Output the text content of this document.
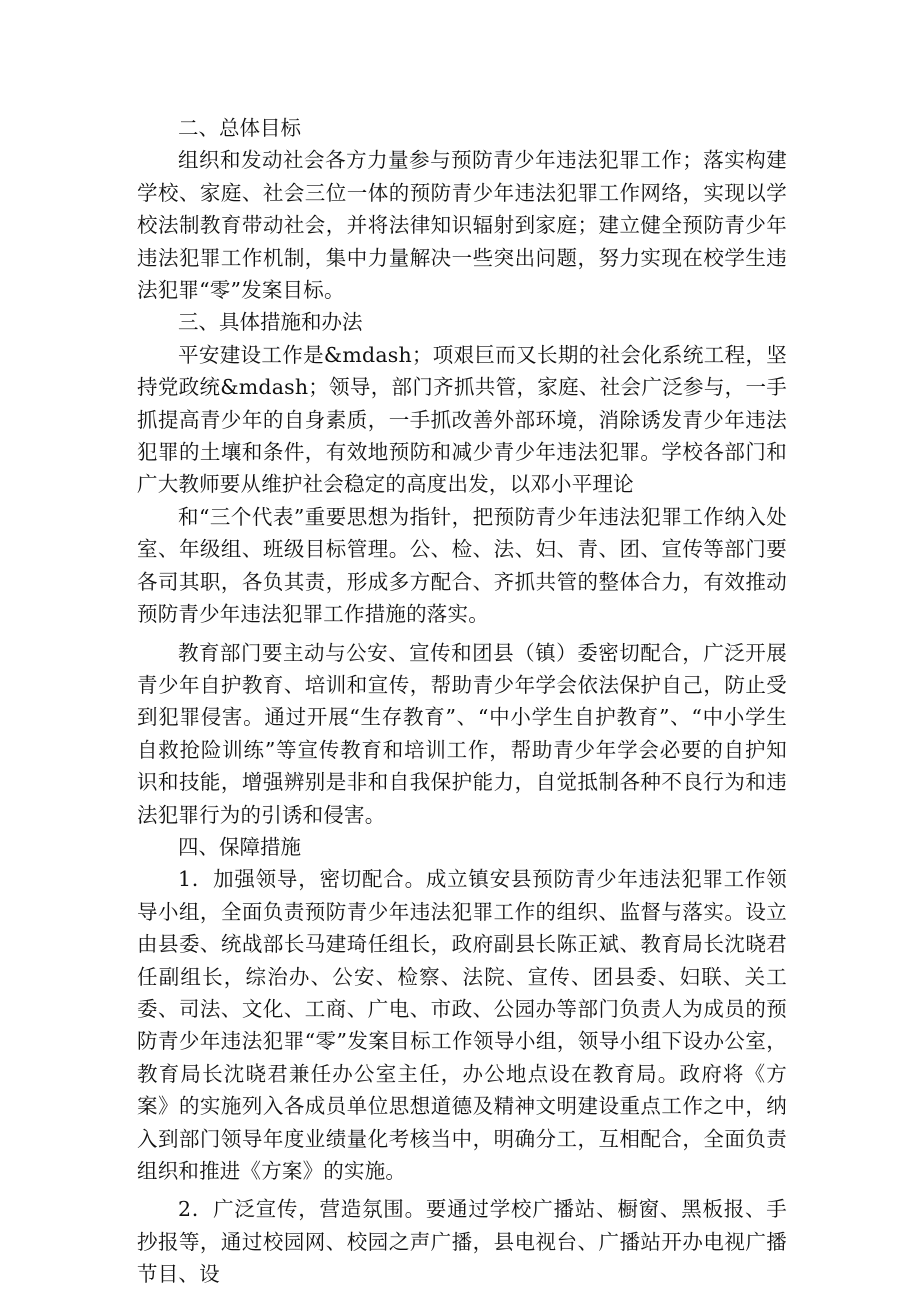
二、总体目标

组织和发动社会各方力量参与预防青少年违法犯罪工作；落实构建学校、家庭、社会三位一体的预防青少年违法犯罪工作网络，实现以学校法制教育带动社会，并将法律知识辐射到家庭；建立健全预防青少年违法犯罪工作机制，集中力量解决一些突出问题，努力实现在校学生违法犯罪“零”发案目标。

三、具体措施和办法

平安建设工作是&mdash；项艰巨而又长期的社会化系统工程，坚持党政统&mdash；领导，部门齐抓共管，家庭、社会广泛参与，一手抓提高青少年的自身素质，一手抓改善外部环境，消除诱发青少年违法犯罪的土壤和条件，有效地预防和减少青少年违法犯罪。学校各部门和广大教师要从维护社会稳定的高度出发，以邓小平理论

和“三个代表”重要思想为指针，把预防青少年违法犯罪工作纳入处室、年级组、班级目标管理。公、检、法、妇、青、团、宣传等部门要各司其职，各负其责，形成多方配合、齐抓共管的整体合力，有效推动预防青少年违法犯罪工作措施的落实。

教育部门要主动与公安、宣传和团县（镇）委密切配合，广泛开展青少年自护教育、培训和宣传，帮助青少年学会依法保护自己，防止受到犯罪侵害。通过开展“生存教育”、“中小学生自护教育”、“中小学生自救抢险训练”等宣传教育和培训工作，帮助青少年学会必要的自护知识和技能，增强辨别是非和自我保护能力，自觉抵制各种不良行为和违法犯罪行为的引诱和侵害。

四、保障措施

1．加强领导，密切配合。成立镇安县预防青少年违法犯罪工作领导小组，全面负责预防青少年违法犯罪工作的组织、监督与落实。设立由县委、统战部长马建琦任组长，政府副县长陈正斌、教育局长沈晓君任副组长，综治办、公安、检察、法院、宣传、团县委、妇联、关工委、司法、文化、工商、广电、市政、公园办等部门负责人为成员的预防青少年违法犯罪“零”发案目标工作领导小组，领导小组下设办公室，教育局长沈晓君兼任办公室主任，办公地点设在教育局。政府将《方案》的实施列入各成员单位思想道德及精神文明建设重点工作之中，纳入到部门领导年度业绩量化考核当中，明确分工，互相配合，全面负责组织和推进《方案》的实施。

2．广泛宣传，营造氛围。要通过学校广播站、橱窗、黑板报、手抄报等，通过校园网、校园之声广播，县电视台、广播站开办电视广播节目、设
